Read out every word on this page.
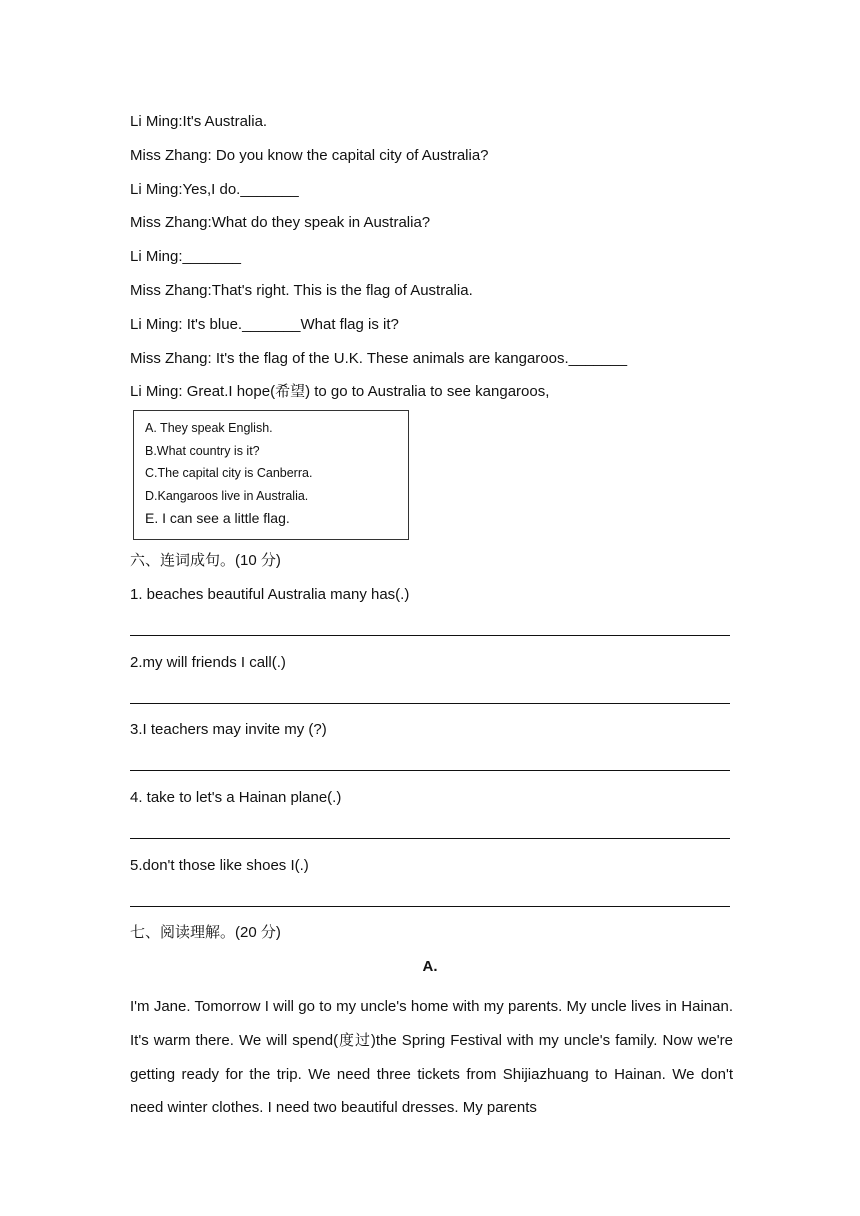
Li Ming:It's Australia.
Miss Zhang: Do you know the capital city of Australia?
Li Ming:Yes,I do._______
Miss Zhang:What do they speak in Australia?
Li Ming:_______
Miss Zhang:That's right. This is the flag of Australia.
Li Ming: It's blue._______What flag is it?
Miss Zhang: It's the flag of the U.K. These animals are kangaroos._______
Li Ming: Great.I hope(希望) to go to Australia to see kangaroos,
A. They speak English.
B.What country is it?
C.The capital city is Canberra.
D.Kangaroos live in Australia.
E. I can see a little flag.
六、连词成句。(10 分)
1. beaches beautiful Australia many has(.)
2.my will friends I call(.)
3.I teachers may invite my (?)
4. take to let's a Hainan plane(.)
5.don't those like shoes I(.)
七、阅读理解。(20 分)
A.
I'm Jane. Tomorrow I will go to my uncle's home with my parents. My uncle lives in Hainan. It's warm there. We will spend(度过)the Spring Festival with my uncle's family. Now we're getting ready for the trip. We need three tickets from Shijiazhuang to Hainan. We don't need winter clothes. I need two beautiful dresses. My parents
